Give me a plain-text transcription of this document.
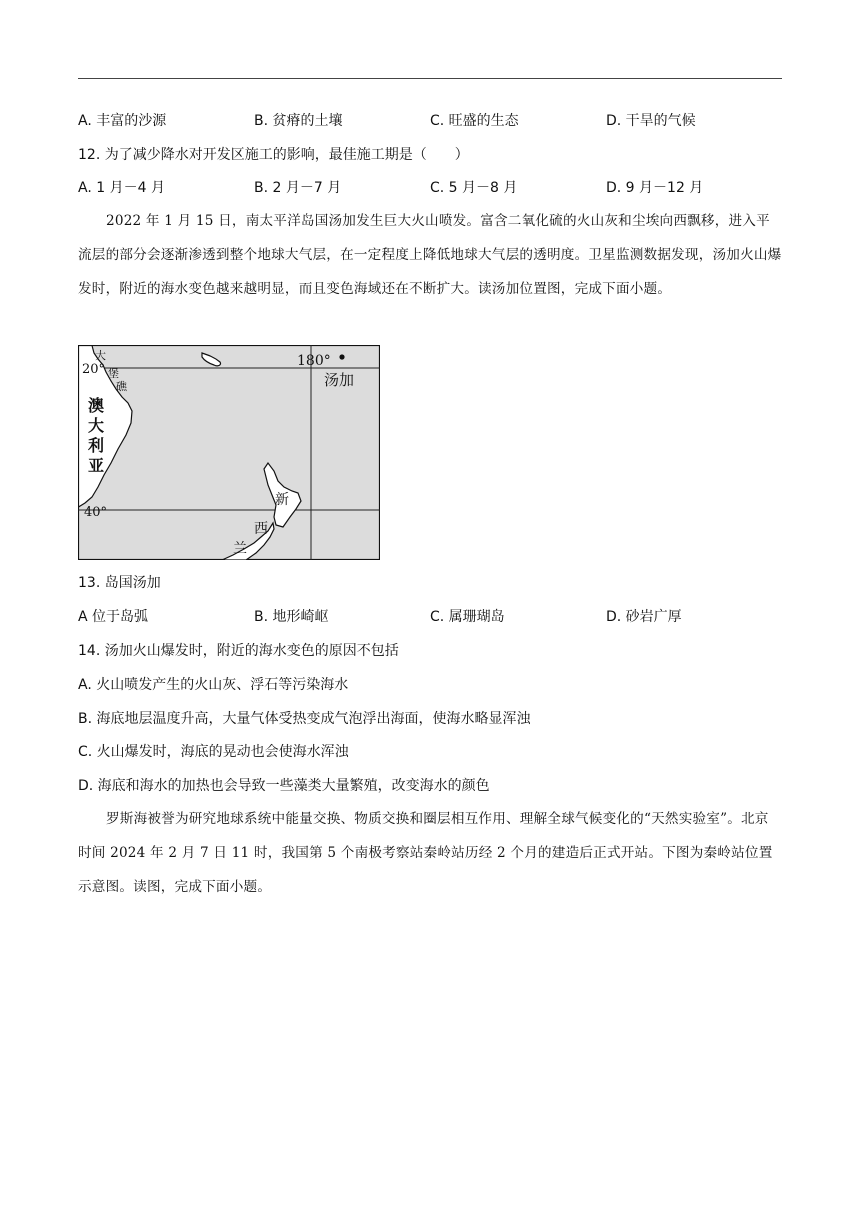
A. 丰富的沙源	B. 贫瘠的土壤	C. 旺盛的生态	D. 干旱的气候
12. 为了减少降水对开发区施工的影响，最佳施工期是（　　）
A. 1 月－4 月	B. 2 月－7 月	C. 5 月－8 月	D. 9 月－12 月
2022 年 1 月 15 日，南太平洋岛国汤加发生巨大火山喷发。富含二氧化硫的火山灰和尘埃向西飘移，进入平流层的部分会逐渐渗透到整个地球大气层，在一定程度上降低地球大气层的透明度。卫星监测数据发现，汤加火山爆发时，附近的海水变色越来越明显，而且变色海域还在不断扩大。读汤加位置图，完成下面小题。
180°
汤加
20°
40°
大
堡
礁
澳
大
利
亚
新
西
兰
13. 岛国汤加
A 位于岛弧	B. 地形崎岖	C. 属珊瑚岛	D. 砂岩广厚
14. 汤加火山爆发时，附近的海水变色的原因不包括
A. 火山喷发产生的火山灰、浮石等污染海水
B. 海底地层温度升高，大量气体受热变成气泡浮出海面，使海水略显浑浊
C. 火山爆发时，海底的晃动也会使海水浑浊
D. 海底和海水的加热也会导致一些藻类大量繁殖，改变海水的颜色
罗斯海被誉为研究地球系统中能量交换、物质交换和圈层相互作用、理解全球气候变化的“天然实验室”。北京时间 2024 年 2 月 7 日 11 时，我国第 5 个南极考察站秦岭站历经 2 个月的建造后正式开站。下图为秦岭站位置示意图。读图，完成下面小题。
